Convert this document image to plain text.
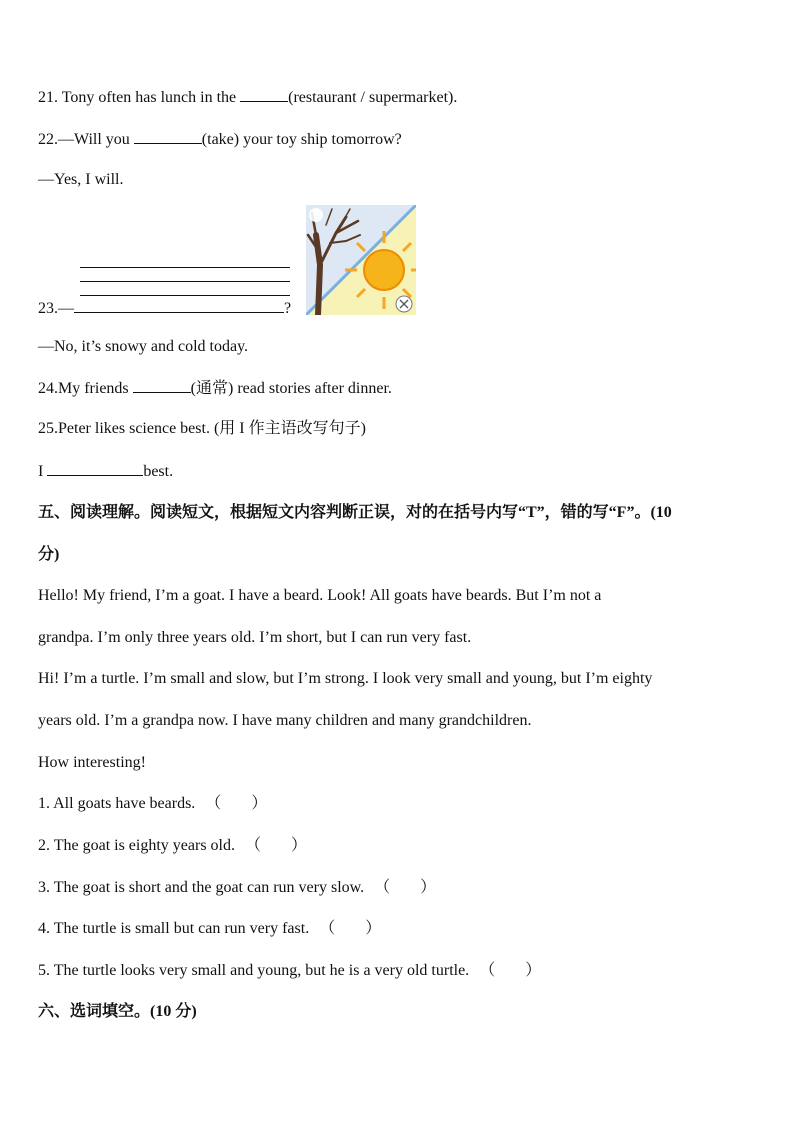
21. Tony often has lunch in the	(restaurant / supermarket).
22.—Will you	(take) your toy ship tomorrow?
—Yes, I will.
23.—	?
—No, it’s snowy and cold today.
24.My friends	(通常) read stories after dinner.
25.Peter likes science best. (用 I 作主语改写句子)
I	best.
五、阅读理解。阅读短文，根据短文内容判断正误，对的在括号内写“T”，错的写“F”。(10
分)
Hello! My friend, I’m a goat. I have a beard. Look! All goats have beards. But I’m not a
grandpa. I’m only three years old. I’m short, but I can run very fast.
Hi! I’m a turtle. I’m small and slow, but I’m strong. I look very small and young, but I’m eighty
years old. I’m a grandpa now. I have many children and many grandchildren.
How interesting!
1. All goats have beards. （ ）
2. The goat is eighty years old. （ ）
3. The goat is short and the goat can run very slow. （ ）
4. The turtle is small but can run very fast. （ ）
5. The turtle looks very small and young, but he is a very old turtle. （ ）
六、选词填空。(10 分)
